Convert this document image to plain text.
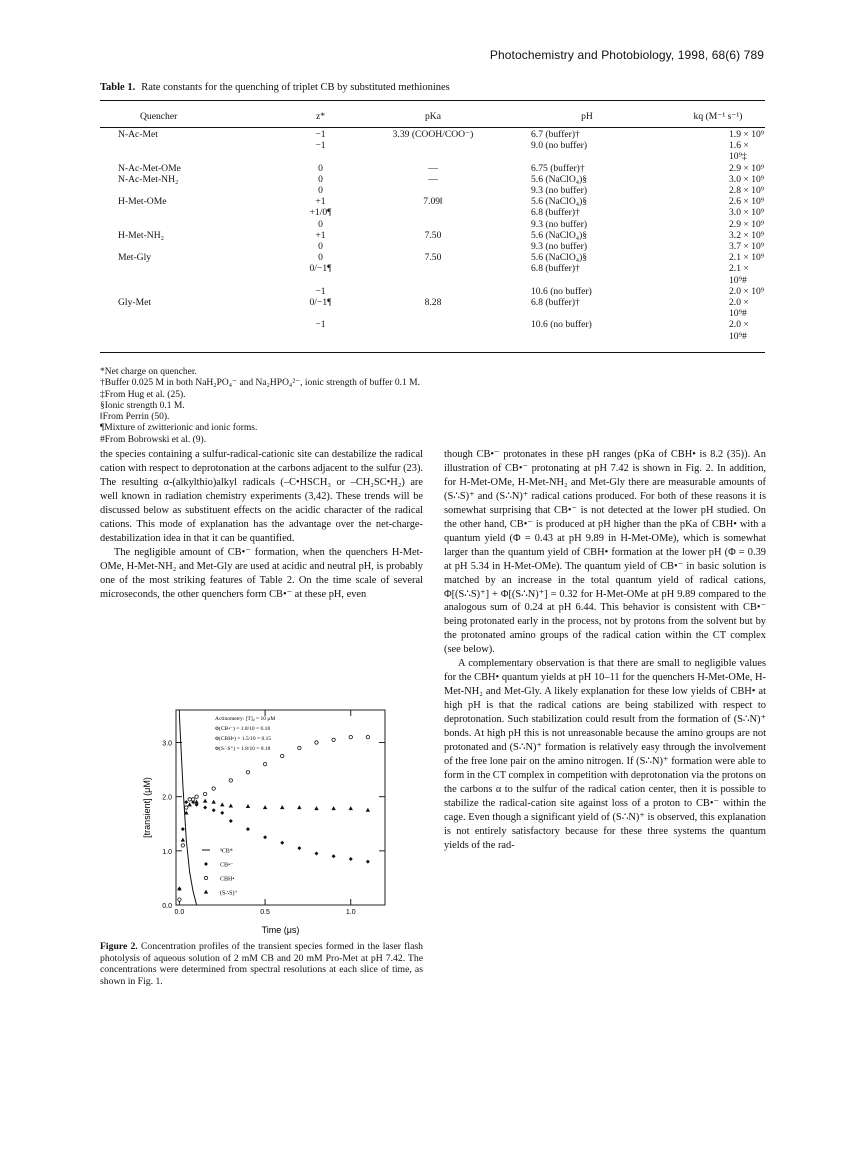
Photochemistry and Photobiology, 1998, 68(6) 789
Table 1. Rate constants for the quenching of triplet CB by substituted methionines
Quencher	z*	pKa	pH	kq (M⁻¹ s⁻¹)
N-Ac-Met	−1	3.39 (COOH/COO⁻)	6.7 (buffer)†	1.9 × 10⁹
	−1		9.0 (no buffer)	1.6 × 10⁹‡
N-Ac-Met-OMe	0	—	6.75 (buffer)†	2.9 × 10⁹
N-Ac-Met-NH₂	0	—	5.6 (NaClO₄)§	3.0 × 10⁹
	0		9.3 (no buffer)	2.8 × 10⁹
H-Met-OMe	+1	7.09‖	5.6 (NaClO₄)§	2.6 × 10⁹
	+1/0¶		6.8 (buffer)†	3.0 × 10⁹
	0		9.3 (no buffer)	2.9 × 10⁹
H-Met-NH₂	+1	7.50	5.6 (NaClO₄)§	3.2 × 10⁹
	0		9.3 (no buffer)	3.7 × 10⁹
Met-Gly	0	7.50	5.6 (NaClO₄)§	2.1 × 10⁹
	0/−1¶		6.8 (buffer)†	2.1 × 10⁹#
	−1		10.6 (no buffer)	2.0 × 10⁹
Gly-Met	0/−1¶	8.28	6.8 (buffer)†	2.0 × 10⁹#
	−1		10.6 (no buffer)	2.0 × 10⁹#
*Net charge on quencher.
†Buffer 0.025 M in both NaH₂PO₄⁻ and Na₂HPO₄²⁻, ionic strength of buffer 0.1 M.
‡From Hug et al. (25).
§Ionic strength 0.1 M.
‖From Perrin (50).
¶Mixture of zwitterionic and ionic forms.
#From Bobrowski et al. (9).

the species containing a sulfur-radical-cationic site can destabilize the radical cation with respect to deprotonation at the carbons adjacent to the sulfur (23). The resulting α-(alkylthio)alkyl radicals (–C•HSCH₃ or –CH₂SC•H₂) are well known in radiation chemistry experiments (3,42). These trends will be discussed below as substituent effects on the acidic character of the radical cations. This mode of explanation has the advantage over the net-charge-destabilization idea in that it can be quantified.

The negligible amount of CB•⁻ formation, when the quenchers H-Met-OMe, H-Met-NH₂ and Met-Gly are used at acidic and neutral pH, is probably one of the most striking features of Table 2. On the time scale of several microseconds, the other quenchers form CB•⁻ at these pH, even

0.0
1.0
2.0
3.0
0.0	0.5	1.0
Time (μs)
[transient] (μM)
Actinometry: [T]₀ = 10 μM
Φ(CB•⁻) = 1.8/10 = 0.18
Φ(CBH•) = 1.5/10 = 0.15
Φ(S∴S⁺) = 1.8/10 = 0.18
³CB*
CB•⁻
CBH•
(S∴S)⁺
Figure 2. Concentration profiles of the transient species formed in the laser flash photolysis of aqueous solution of 2 mM CB and 20 mM Pro-Met at pH 7.42. The concentrations were determined from spectral resolutions at each slice of time, as shown in Fig. 1.

though CB•⁻ protonates in these pH ranges (pKa of CBH• is 8.2 (35)). An illustration of CB•⁻ protonating at pH 7.42 is shown in Fig. 2. In addition, for H-Met-OMe, H-Met-NH₂ and Met-Gly there are measurable amounts of (S∴S)⁺ and (S∴N)⁺ radical cations produced. For both of these reasons it is somewhat surprising that CB•⁻ is not detected at the lower pH studied. On the other hand, CB•⁻ is produced at pH higher than the pKa of CBH• with a quantum yield (Φ = 0.43 at pH 9.89 in H-Met-OMe), which is somewhat larger than the quantum yield of CBH• formation at the lower pH (Φ = 0.39 at pH 5.34 in H-Met-OMe). The quantum yield of CB•⁻ in basic solution is matched by an increase in the total quantum yield of radical cations, Φ[(S∴S)⁺] + Φ[(S∴N)⁺] = 0.32 for H-Met-OMe at pH 9.89 compared to the analogous sum of 0.24 at pH 6.44. This behavior is consistent with CB•⁻ being protonated early in the process, not by protons from the solvent but by the protonated amino groups of the radical cation within the CT complex (see below).

A complementary observation is that there are small to negligible values for the CBH• quantum yields at pH 10–11 for the quenchers H-Met-OMe, H-Met-NH₂ and Met-Gly. A likely explanation for these low yields of CBH• at high pH is that the radical cations are being stabilized with respect to deprotonation. Such stabilization could result from the formation of (S∴N)⁺ bonds. At high pH this is not unreasonable because the amino groups are not protonated and (S∴N)⁺ formation is relatively easy through the involvement of the free lone pair on the amino nitrogen. If (S∴N)⁺ formation were able to form in the CT complex in competition with deprotonation via the protons on the carbons α to the sulfur of the radical cation center, then it is possible to stabilize the radical-cation site against loss of a proton to CB•⁻ within the cage. Even though a significant yield of (S∴N)⁺ is observed, this explanation is not entirely satisfactory because for these three systems the quantum yields of the rad-
